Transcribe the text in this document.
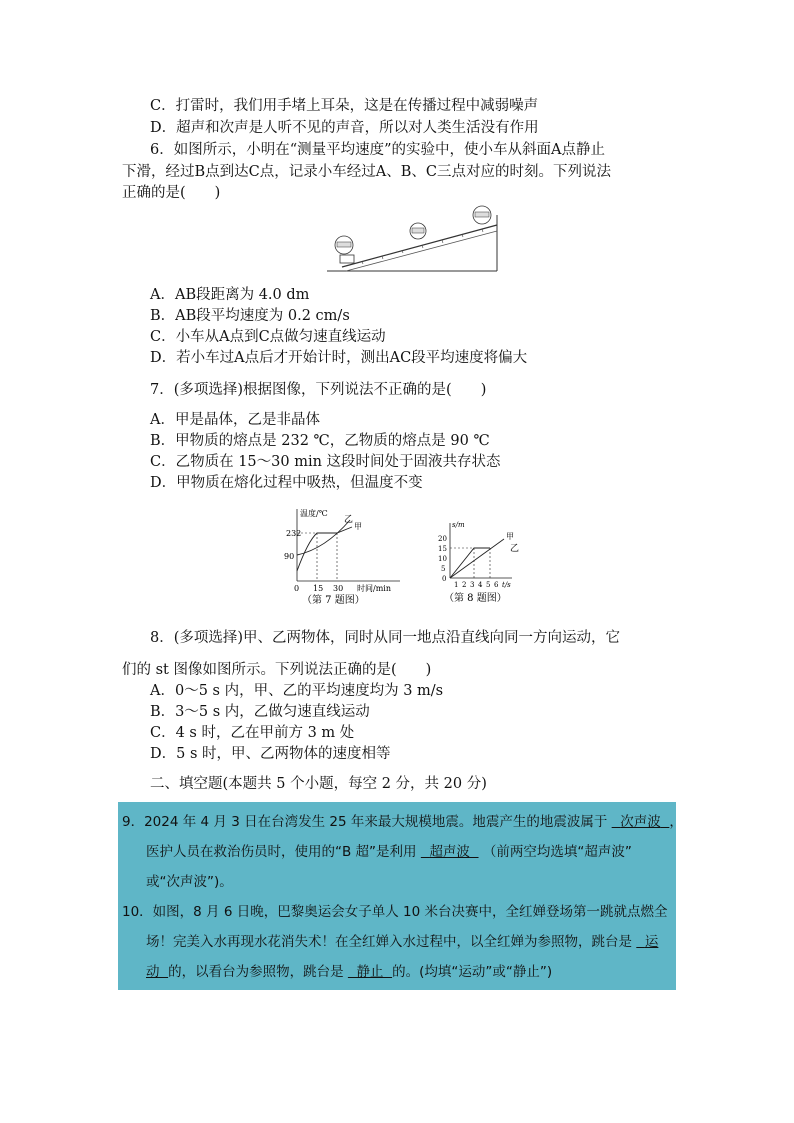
C．打雷时，我们用手堵上耳朵，这是在传播过程中减弱噪声
D．超声和次声是人听不见的声音，所以对人类生活没有作用
6．如图所示，小明在“测量平均速度”的实验中，使小车从斜面A点静止
下滑，经过B点到达C点，记录小车经过A、B、C三点对应的时刻。下列说法
正确的是(　　)
A．AB段距离为 4.0 dm
B．AB段平均速度为 0.2 cm/s
C．小车从A点到C点做匀速直线运动
D．若小车过A点后才开始计时，测出AC段平均速度将偏大
7．(多项选择)根据图像，下列说法不正确的是(　　)
A．甲是晶体，乙是非晶体
B．甲物质的熔点是 232 ℃，乙物质的熔点是 90 ℃
C．乙物质在 15～30 min 这段时间处于固液共存状态
D．甲物质在熔化过程中吸热，但温度不变
温度/℃
232
90
0 15 30 时间/min
乙
甲
（第 7 题图）
s/m
20
15
10
5
0
1 2 3 4 5 6 t/s
甲
乙
（第 8 题图）
8．(多项选择)甲、乙两物体，同时从同一地点沿直线向同一方向运动，它
们的 st 图像如图所示。下列说法正确的是(　　)
A．0～5 s 内，甲、乙的平均速度均为 3 m/s
B．3～5 s 内，乙做匀速直线运动
C．4 s 时，乙在甲前方 3 m 处
D．5 s 时，甲、乙两物体的速度相等
二、填空题(本题共 5 个小题，每空 2 分，共 20 分)
9．2024 年 4 月 3 日在台湾发生 25 年来最大规模地震。地震产生的地震波属于 次声波 ，
医护人员在救治伤员时，使用的“B 超”是利用 超声波 （前两空均选填“超声波”
或“次声波”)。
10．如图，8 月 6 日晚，巴黎奥运会女子单人 10 米台决赛中，全红婵登场第一跳就点燃全
场！完美入水再现水花消失术！在全红婵入水过程中，以全红婵为参照物，跳台是 运
动 的，以看台为参照物，跳台是 静止 的。(均填“运动”或“静止”)
